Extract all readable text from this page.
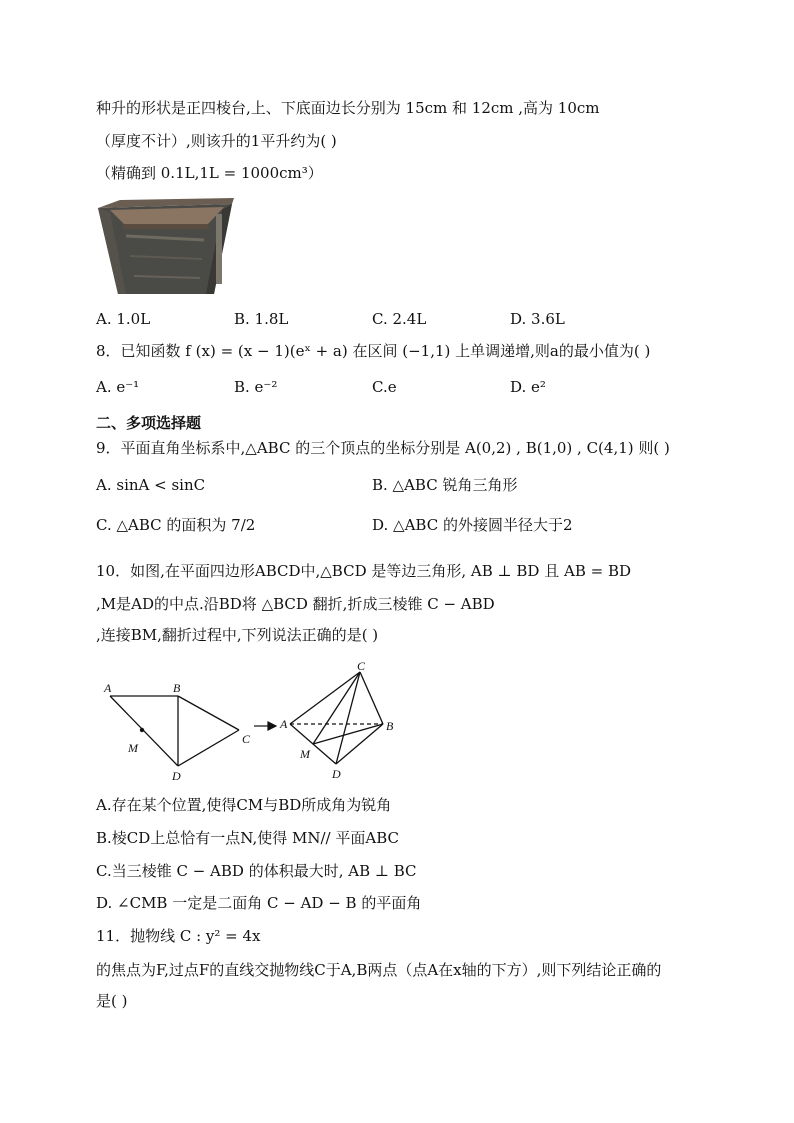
种升的形状是正四棱台,上、下底面边长分别为 15cm 和 12cm ,高为 10cm
（厚度不计）,则该升的1平升约为( )
（精确到 0.1L,1L = 1000cm³）
A. 1.0L	B. 1.8L	C. 2.4L	D. 3.6L
8．已知函数 f (x) = (x − 1)(eˣ + a) 在区间 (−1,1) 上单调递增,则a的最小值为( )
A. e⁻¹	B. e⁻²	C.e	D. e²
二、多项选择题
9．平面直角坐标系中,△ABC 的三个顶点的坐标分别是 A(0,2) , B(1,0) , C(4,1) 则( )
A. sinA < sinC	B. △ABC 锐角三角形
C. △ABC 的面积为 7/2	D. △ABC 的外接圆半径大于2
10．如图,在平面四边形ABCD中,△BCD 是等边三角形, AB ⊥ BD 且 AB = BD
,M是AD的中点.沿BD将 △BCD 翻折,折成三棱锥 C − ABD
,连接BM,翻折过程中,下列说法正确的是( )
A	B
C
D
M
A	B
C
D
M
A.存在某个位置,使得CM与BD所成角为锐角
B.棱CD上总恰有一点N,使得 MN// 平面ABC
C.当三棱锥 C − ABD 的体积最大时, AB ⊥ BC
D. ∠CMB 一定是二面角 C − AD − B 的平面角
11．抛物线 C : y² = 4x
的焦点为F,过点F的直线交抛物线C于A,B两点（点A在x轴的下方）,则下列结论正确的
是( )
